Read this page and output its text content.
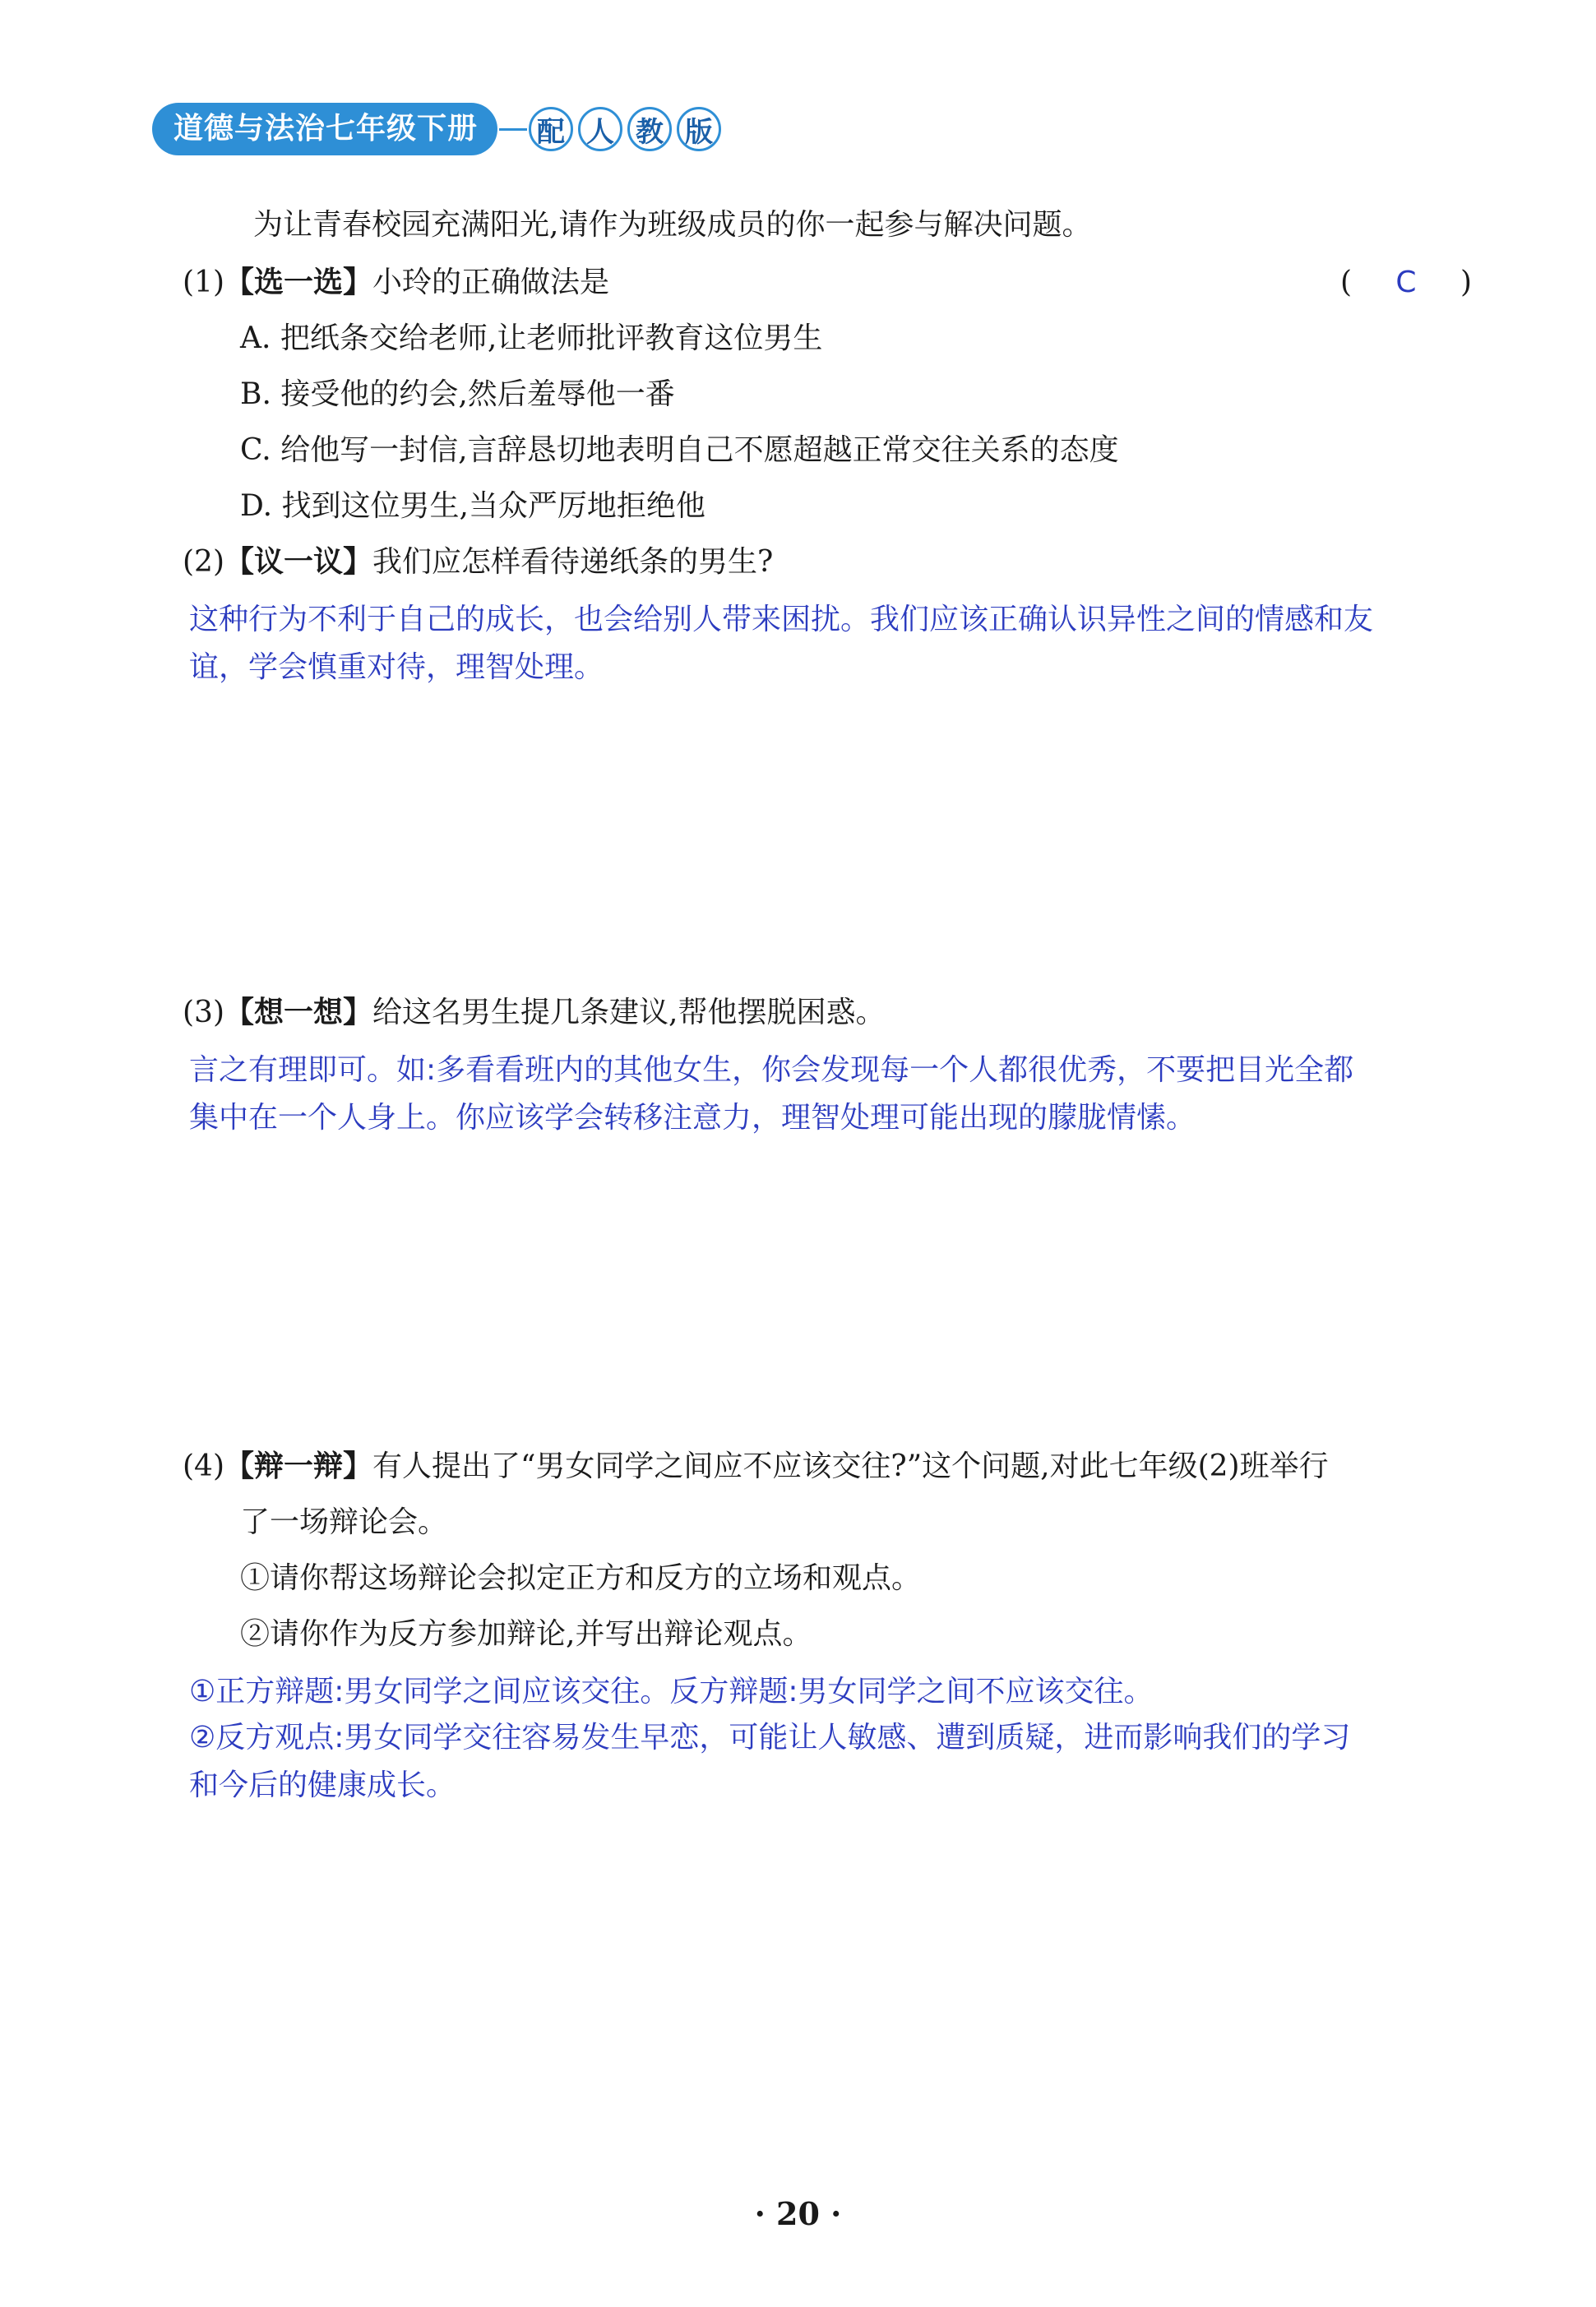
道德与法治七年级下册	配 人 教 版
为让青春校园充满阳光,请作为班级成员的你一起参与解决问题。
(1)【选一选】小玲的正确做法是	( C )
A. 把纸条交给老师,让老师批评教育这位男生
B. 接受他的约会,然后羞辱他一番
C. 给他写一封信,言辞恳切地表明自己不愿超越正常交往关系的态度
D. 找到这位男生,当众严厉地拒绝他
(2)【议一议】我们应怎样看待递纸条的男生?
这种行为不利于自己的成长，也会给别人带来困扰。我们应该正确认识异性之间的情感和友
谊，学会慎重对待，理智处理。
(3)【想一想】给这名男生提几条建议,帮他摆脱困惑。
言之有理即可。如:多看看班内的其他女生，你会发现每一个人都很优秀，不要把目光全都
集中在一个人身上。你应该学会转移注意力，理智处理可能出现的朦胧情愫。
(4)【辩一辩】有人提出了“男女同学之间应不应该交往?”这个问题,对此七年级(2)班举行
了一场辩论会。
①请你帮这场辩论会拟定正方和反方的立场和观点。
②请你作为反方参加辩论,并写出辩论观点。
①正方辩题:男女同学之间应该交往。反方辩题:男女同学之间不应该交往。
②反方观点:男女同学交往容易发生早恋，可能让人敏感、遭到质疑，进而影响我们的学习
和今后的健康成长。
· 20 ·
